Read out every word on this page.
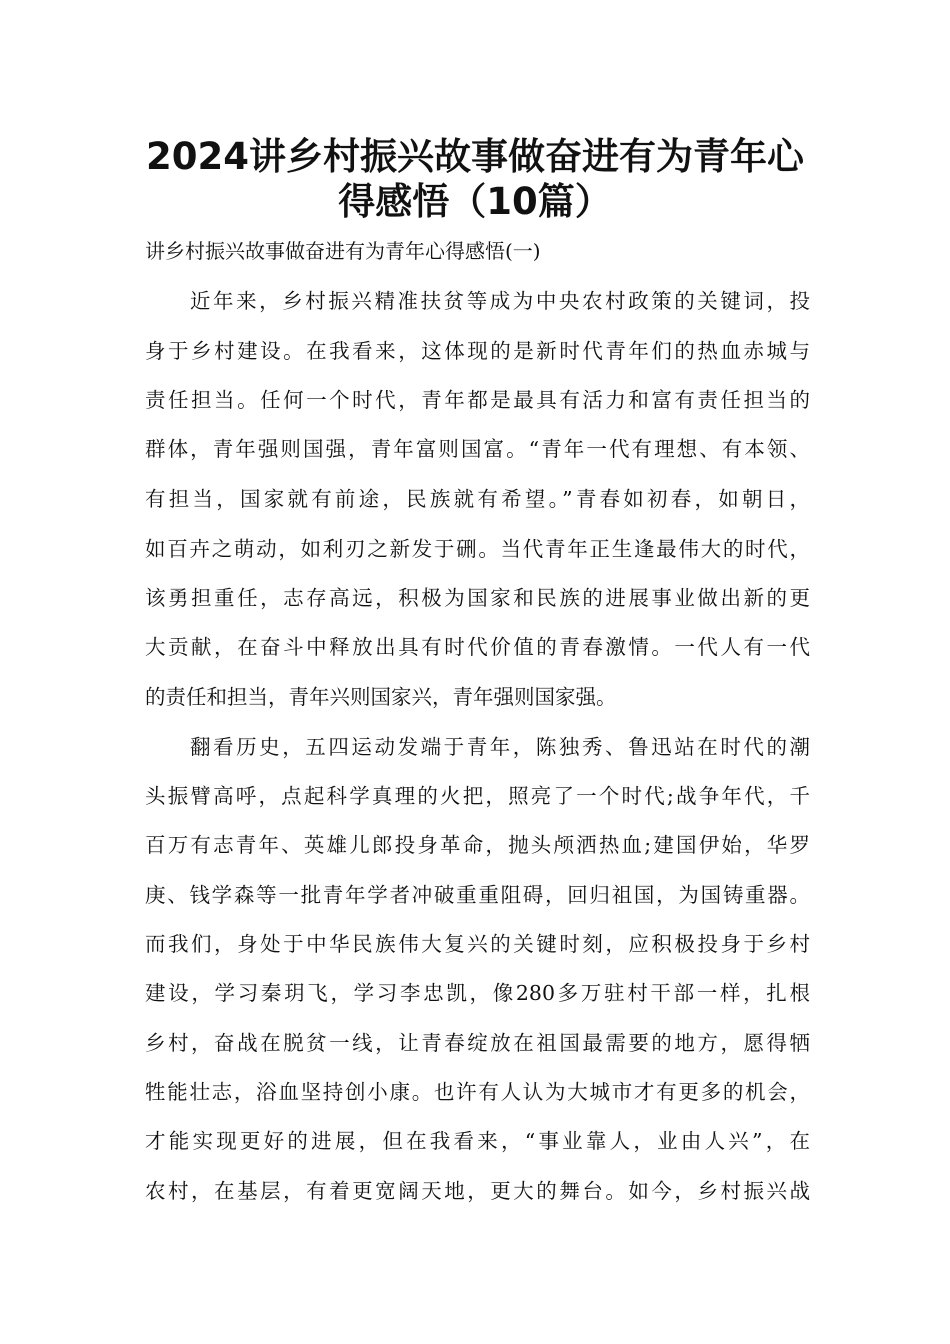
2024讲乡村振兴故事做奋进有为青年心
得感悟（10篇）
讲乡村振兴故事做奋进有为青年心得感悟(一)
近年来，乡村振兴精准扶贫等成为中央农村政策的关键词，投
身于乡村建设。在我看来，这体现的是新时代青年们的热血赤城与
责任担当。任何一个时代，青年都是最具有活力和富有责任担当的
群体，青年强则国强，青年富则国富。“青年一代有理想、有本领、
有担当，国家就有前途，民族就有希望。”青春如初春，如朝日，
如百卉之萌动，如利刃之新发于硎。当代青年正生逢最伟大的时代，
该勇担重任，志存高远，积极为国家和民族的进展事业做出新的更
大贡献，在奋斗中释放出具有时代价值的青春激情。一代人有一代
的责任和担当，青年兴则国家兴，青年强则国家强。
翻看历史，五四运动发端于青年，陈独秀、鲁迅站在时代的潮
头振臂高呼，点起科学真理的火把，照亮了一个时代;战争年代，千
百万有志青年、英雄儿郎投身革命，抛头颅洒热血;建国伊始，华罗
庚、钱学森等一批青年学者冲破重重阻碍，回归祖国，为国铸重器。
而我们，身处于中华民族伟大复兴的关键时刻，应积极投身于乡村
建设，学习秦玥飞，学习李忠凯，像280多万驻村干部一样，扎根
乡村，奋战在脱贫一线，让青春绽放在祖国最需要的地方，愿得牺
牲能壮志，浴血坚持创小康。也许有人认为大城市才有更多的机会，
才能实现更好的进展，但在我看来，“事业靠人，业由人兴”，在
农村，在基层，有着更宽阔天地，更大的舞台。如今，乡村振兴战
